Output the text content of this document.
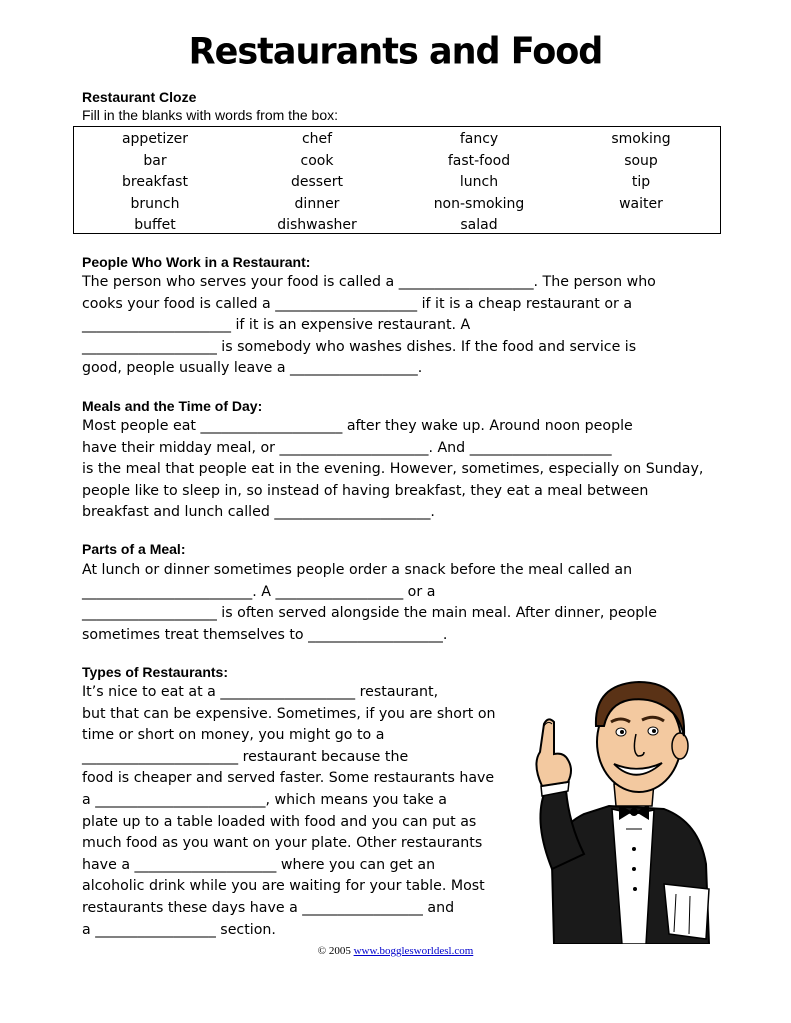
Restaurants and Food
Restaurant Cloze
Fill in the blanks with words from the box:
appetizer
bar
breakfast
brunch
buffet
chef
cook
dessert
dinner
dishwasher
fancy
fast-food
lunch
non-smoking
salad
smoking
soup
tip
waiter
People Who Work in a Restaurant:
The person who serves your food is called a ___________________. The person who
cooks your food is called a ____________________ if it is a cheap restaurant or a
_____________________ if it is an expensive restaurant. A
___________________ is somebody who washes dishes. If the food and service is
good, people usually leave a __________________.
Meals and the Time of Day:
Most people eat ____________________ after they wake up. Around noon people
have their midday meal, or _____________________. And ____________________
is the meal that people eat in the evening. However, sometimes, especially on Sunday,
people like to sleep in, so instead of having breakfast, they eat a meal between
breakfast and lunch called ______________________.
Parts of a Meal:
At lunch or dinner sometimes people order a snack before the meal called an
________________________. A __________________ or a
___________________ is often served alongside the main meal. After dinner, people
sometimes treat themselves to ___________________.
Types of Restaurants:
It’s nice to eat at a ___________________ restaurant,
but that can be expensive. Sometimes, if you are short on
time or short on money, you might go to a
______________________ restaurant because the
food is cheaper and served faster. Some restaurants have
a ________________________, which means you take a
plate up to a table loaded with food and you can put as
much food as you want on your plate. Other restaurants
have a ____________________ where you can get an
alcoholic drink while you are waiting for your table. Most
restaurants these days have a _________________ and
a _________________ section.
© 2005 www.bogglesworldesl.com
